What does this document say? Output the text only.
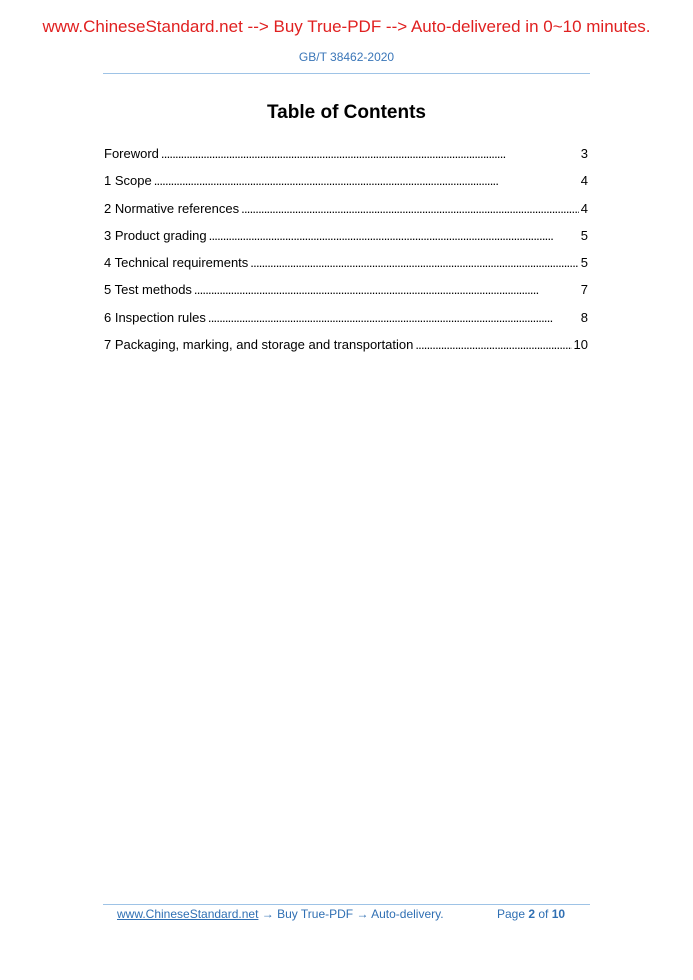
www.ChineseStandard.net --> Buy True-PDF --> Auto-delivered in 0~10 minutes.
GB/T 38462-2020
Table of Contents
Foreword . . .	3
1 Scope . . .	4
2 Normative references . . .	4
3 Product grading . . .	5
4 Technical requirements . . .	5
5 Test methods . . .	7
6 Inspection rules . . .	8
7 Packaging, marking, and storage and transportation . . .	10
www.ChineseStandard.net → Buy True-PDF → Auto-delivery.	Page 2 of 10
